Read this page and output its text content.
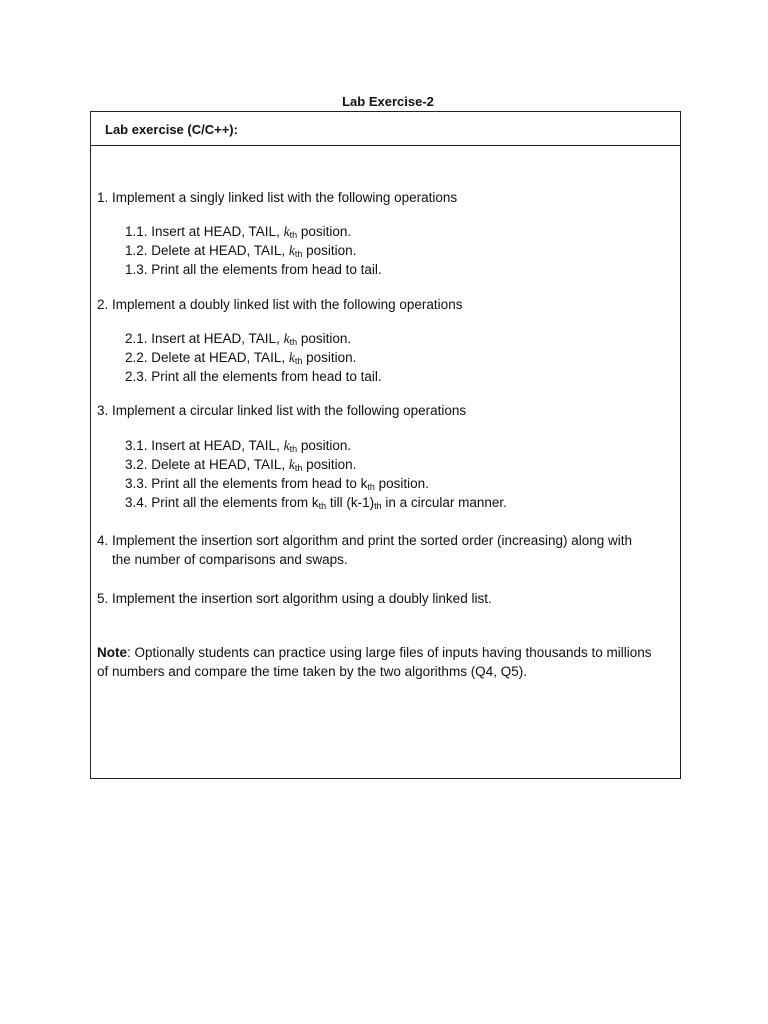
Lab Exercise-2
Lab exercise (C/C++):
1. Implement a singly linked list with the following operations
1.1. Insert at HEAD, TAIL, kth position.
1.2. Delete at HEAD, TAIL, kth position.
1.3. Print all the elements from head to tail.
2. Implement a doubly linked list with the following operations
2.1. Insert at HEAD, TAIL, kth position.
2.2. Delete at HEAD, TAIL, kth position.
2.3. Print all the elements from head to tail.
3. Implement a circular linked list with the following operations
3.1. Insert at HEAD, TAIL, kth position.
3.2. Delete at HEAD, TAIL, kth position.
3.3. Print all the elements from head to kth position.
3.4. Print all the elements from kth till (k-1)th in a circular manner.
4. Implement the insertion sort algorithm and print the sorted order (increasing) along with
the number of comparisons and swaps.
5. Implement the insertion sort algorithm using a doubly linked list.
Note: Optionally students can practice using large files of inputs having thousands to millions
of numbers and compare the time taken by the two algorithms (Q4, Q5).
